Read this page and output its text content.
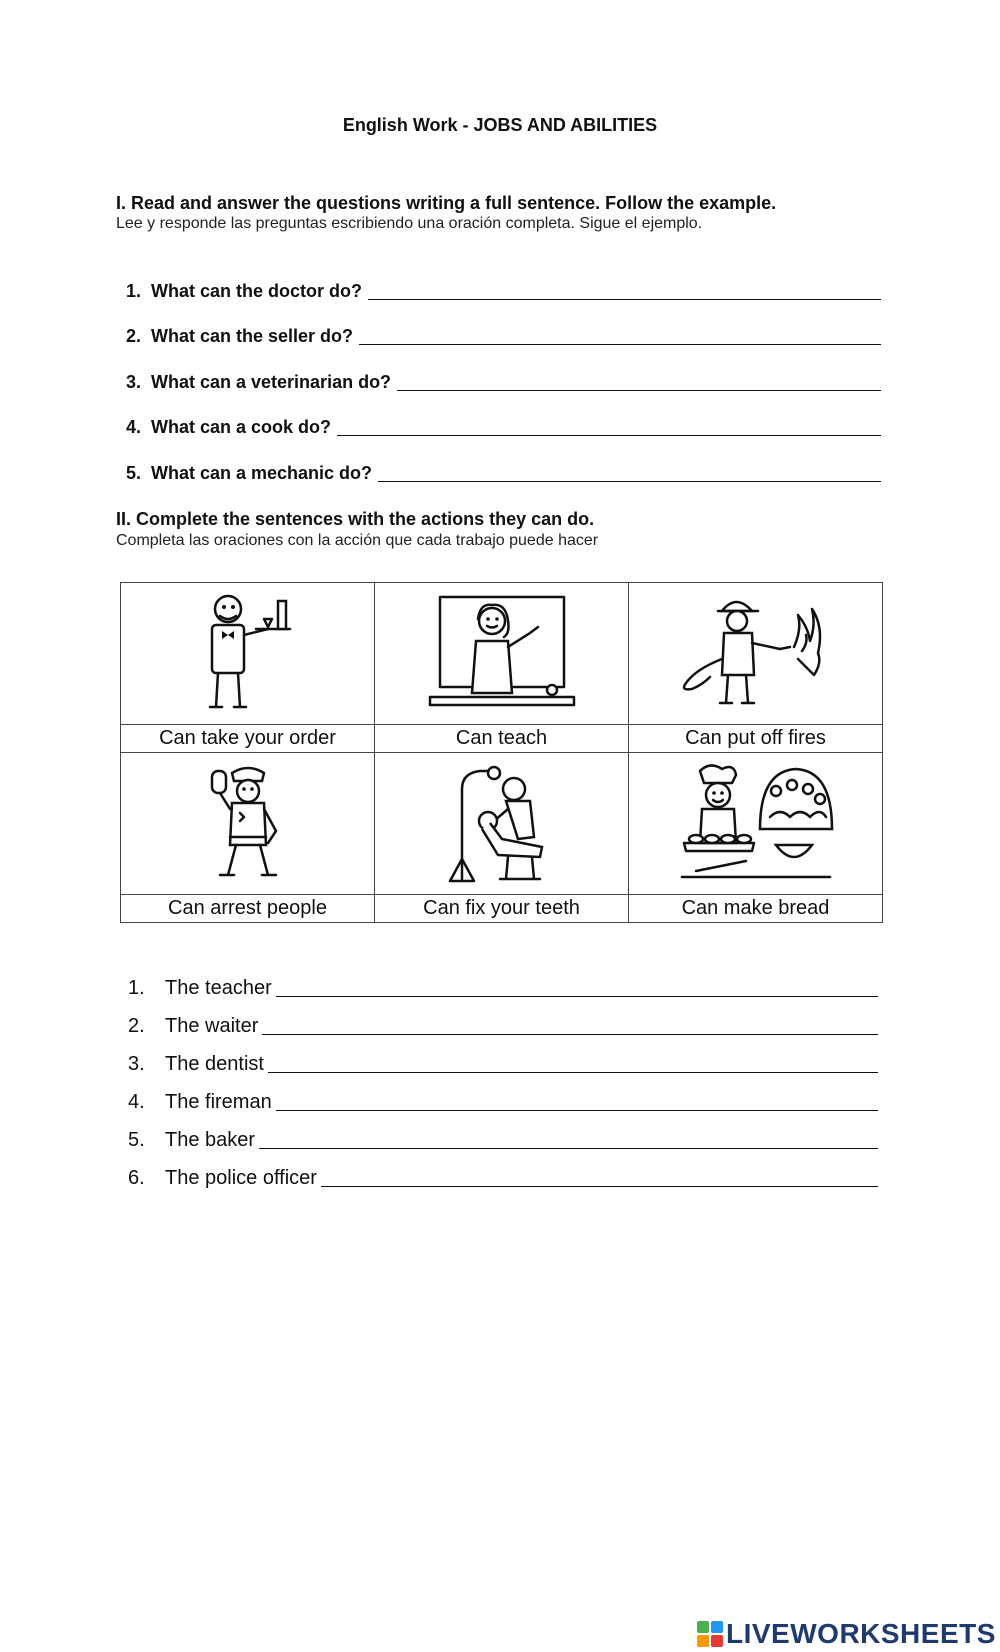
English Work - JOBS AND ABILITIES
I. Read and answer the questions writing a full sentence. Follow the example.
Lee y responde las preguntas escribiendo una oración completa. Sigue el ejemplo.
1. What can the doctor do?
2. What can the seller do?
3. What can a veterinarian do?
4. What can a cook do?
5. What can a mechanic do?
II. Complete the sentences with the actions they can do.
Completa las oraciones con la acción que cada trabajo puede hacer

Can take your order	Can teach	Can put off fires

Can arrest people	Can fix your teeth	Can make bread
1.	The teacher
2.	The waiter
3.	The dentist
4.	The fireman
5.	The baker
6.	The police officer
LIVEWORKSHEETS
